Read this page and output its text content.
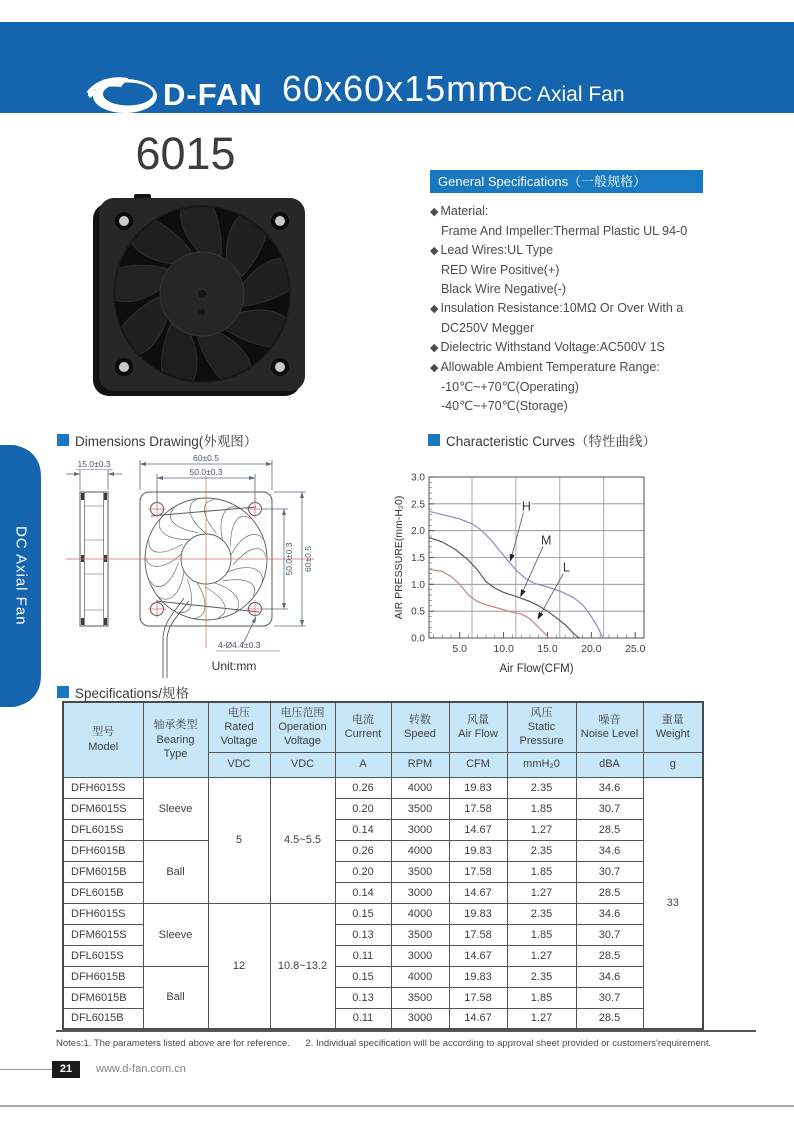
D-FAN 60x60x15mm
DC Axial Fan
DC Axial Fan
6015
General Specifications（一般规格）
◆ Material:
Frame And Impeller:Thermal Plastic UL 94-0
◆ Lead Wires:UL Type
RED Wire Positive(+)
Black Wire Negative(-)
◆ Insulation Resistance:10MΩ Or Over With a
DC250V Megger
◆ Dielectric Withstand Voltage:AC500V 1S
◆ Allowable Ambient Temperature Range:
-10℃~+70℃(Operating)
-40℃~+70℃(Storage)
Dimensions Drawing(外观图）	Characteristic Curves（特性曲线）
15.0±0.3
60±0.5
50.0±0.3
50.0±0.3 60±0.5
4-Ø4.4±0.3
Unit:mm
0.0
0.5
1.0
1.5
2.0
2.5
3.0
5.0	10.0 15.0 20.0 25.0
H
M
L
AIR PRESSURE(mm-H₂0)
Air Flow(CFM)
Specifications/规格
型号
Model

轴承类型
Bearing Type

电压
Rated Voltage

电压范围
Operation Voltage

电流
Current

转数
Speed

风量
Air Flow

风压
Static Pressure

噪音
Noise Level

重量
Weight

		VDC	VDC	A	RPM	CFM	mmH₂0	dBA	g
DFH6015S	Sleeve	5	4.5~5.5	0.26	4000	19.83	2.35	34.6	33
DFM6015S				0.20	3500	17.58	1.85	30.7	
DFL6015S				0.14	3000	14.67	1.27	28.5	
DFH6015B	Ball			0.26	4000	19.83	2.35	34.6	
DFM6015B				0.20	3500	17.58	1.85	30.7	
DFL6015B				0.14	3000	14.67	1.27	28.5	
DFH6015S	Sleeve	12	10.8~13.2	0.15	4000	19.83	2.35	34.6	
DFM6015S				0.13	3500	17.58	1.85	30.7	
DFL6015S				0.11	3000	14.67	1.27	28.5	
DFH6015B	Ball			0.15	4000	19.83	2.35	34.6	
DFM6015B				0.13	3500	17.58	1.85	30.7	
DFL6015B				0.11	3000	14.67	1.27	28.5	
Notes:1. The parameters listed above are for reference. 2. Individual specification will be according to approval sheet provided or customers'requirement.
21	www.d-fan.com.cn
